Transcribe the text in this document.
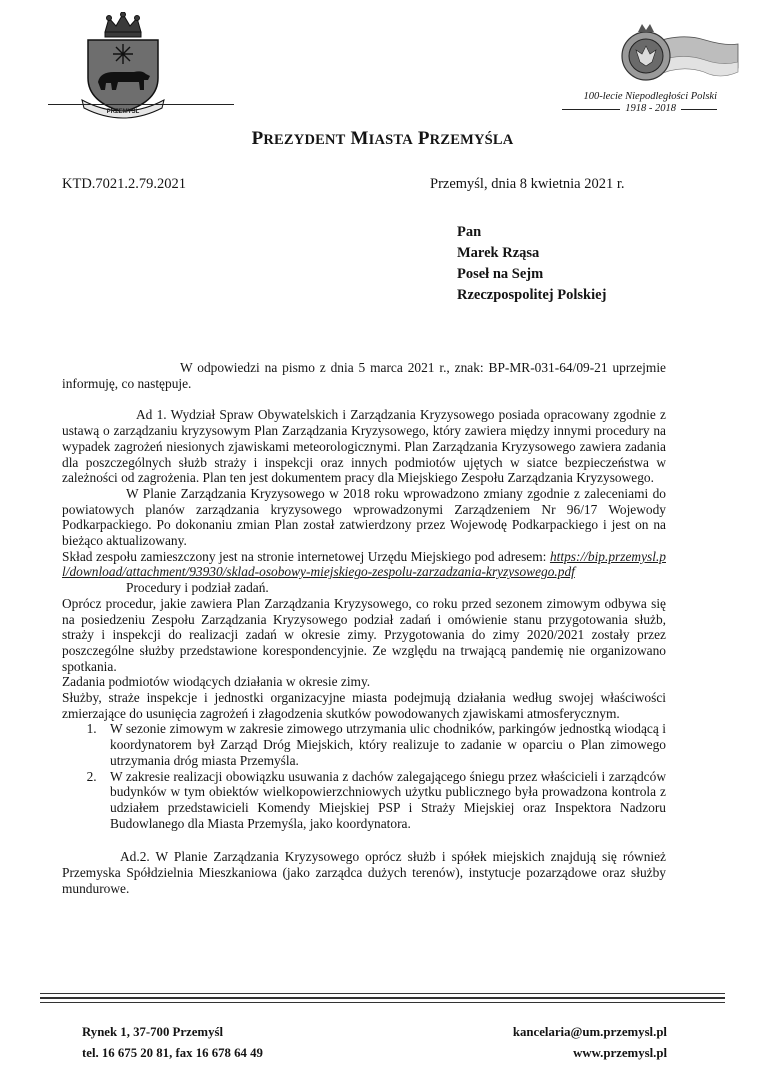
PRZEMYŚL
100-lecie Niepodległości Polski
1918 - 2018
PREZYDENT MIASTA PRZEMYŚLA
KTD.7021.2.79.2021	Przemyśl, dnia 8 kwietnia 2021 r.
Pan
Marek Rząsa
Poseł na Sejm
Rzeczpospolitej Polskiej

W odpowiedzi na pismo z dnia 5 marca 2021 r., znak: BP-MR-031-64/09-21 uprzejmie informuję, co następuje.

Ad 1. Wydział Spraw Obywatelskich i Zarządzania Kryzysowego posiada opracowany zgodnie z ustawą o zarządzaniu kryzysowym Plan Zarządzania Kryzysowego, który zawiera między innymi procedury na wypadek zagrożeń niesionych zjawiskami meteorologicznymi. Plan Zarządzania Kryzysowego zawiera zadania dla poszczególnych służb straży i inspekcji oraz innych podmiotów ujętych w siatce bezpieczeństwa w zależności od zagrożenia. Plan ten jest dokumentem pracy dla Miejskiego Zespołu Zarządzania Kryzysowego.

W Planie Zarządzania Kryzysowego w 2018 roku wprowadzono zmiany zgodnie z zaleceniami do powiatowych planów zarządzania kryzysowego wprowadzonymi Zarządzeniem Nr 96/17 Wojewody Podkarpackiego. Po dokonaniu zmian Plan został zatwierdzony przez Wojewodę Podkarpackiego i jest on na bieżąco aktualizowany.

Skład zespołu zamieszczony jest na stronie internetowej Urzędu Miejskiego pod adresem: https://bip.przemysl.pl/download/attachment/93930/sklad-osobowy-miejskiego-zespolu-zarzadzania-kryzysowego.pdf

Procedury i podział zadań.

Oprócz procedur, jakie zawiera Plan Zarządzania Kryzysowego, co roku przed sezonem zimowym odbywa się na posiedzeniu Zespołu Zarządzania Kryzysowego podział zadań i omówienie stanu przygotowania służb, straży i inspekcji do realizacji zadań w okresie zimy. Przygotowania do zimy 2020/2021 zostały przez poszczególne służby przedstawione korespondencyjnie. Ze względu na trwającą pandemię nie organizowano spotkania.

Zadania podmiotów wiodących działania w okresie zimy.

Służby, straże inspekcje i jednostki organizacyjne miasta podejmują działania według swojej właściwości zmierzające do usunięcia zagrożeń i złagodzenia skutków powodowanych zjawiskami atmosferycznym.

1. W sezonie zimowym w zakresie zimowego utrzymania ulic chodników, parkingów jednostką wiodącą i koordynatorem był Zarząd Dróg Miejskich, który realizuje to zadanie w oparciu o Plan zimowego utrzymania dróg miasta Przemyśla.
2. W zakresie realizacji obowiązku usuwania z dachów zalegającego śniegu przez właścicieli i zarządców budynków w tym obiektów wielkopowierzchniowych użytku publicznego była prowadzona kontrola z udziałem przedstawicieli Komendy Miejskiej PSP i Straży Miejskiej oraz Inspektora Nadzoru Budowlanego dla Miasta Przemyśla, jako koordynatora.

Ad.2. W Planie Zarządzania Kryzysowego oprócz służb i spółek miejskich znajdują się również Przemyska Spółdzielnia Mieszkaniowa (jako zarządca dużych terenów), instytucje pozarządowe oraz służby mundurowe.

Rynek 1, 37-700 Przemyśl
tel. 16 675 20 81, fax 16 678 64 49
kancelaria@um.przemysl.pl
www.przemysl.pl
